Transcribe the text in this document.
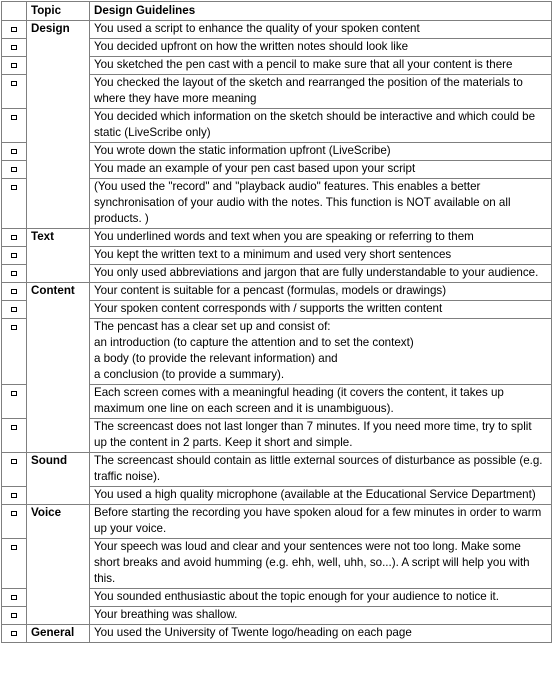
	Topic	Design Guidelines
	Design	You used a script to enhance the quality of your spoken content

		You decided upfront on how the written notes should look like

		You sketched the pen cast with a pencil to make sure that all your content is there

		You checked the layout of the sketch and rearranged the position of the materials to where they have more meaning

		You decided which information on the sketch should be interactive and which could be static (LiveScribe only)

		You wrote down the static information upfront (LiveScribe)

		You made an example of your pen cast based upon your script

		(You used the "record" and "playback audio" features. This enables a better synchronisation of your audio with the notes. This function is NOT available on all products. )

	Text	You underlined words and text when you are speaking or referring to them

		You kept the written text to a minimum and used very short sentences

		You only used abbreviations and jargon that are fully understandable to your audience.

	Content	Your content is suitable for a pencast (formulas, models or drawings)

		Your spoken content corresponds with / supports the written content

		The pencast has a clear set up and consist of:
an introduction (to capture the attention and to set the context)
a body (to provide the relevant information) and
a conclusion (to provide a summary).

		Each screen comes with a meaningful heading (it covers the content, it takes up maximum one line on each screen and it is unambiguous).

		The screencast does not last longer than 7 minutes. If you need more time, try to split up the content in 2 parts. Keep it short and simple.

	Sound	The screencast should contain as little external sources of disturbance as possible (e.g. traffic noise).

		You used a high quality microphone (available at the Educational Service Department)

	Voice	Before starting the recording you have spoken aloud for a few minutes in order to warm up your voice.

		Your speech was loud and clear and your sentences were not too long. Make some short breaks and avoid humming (e.g. ehh, well, uhh, so...). A script will help you with this.

		You sounded enthusiastic about the topic enough for your audience to notice it.

		Your breathing was shallow.

	General	You used the University of Twente logo/heading on each page
